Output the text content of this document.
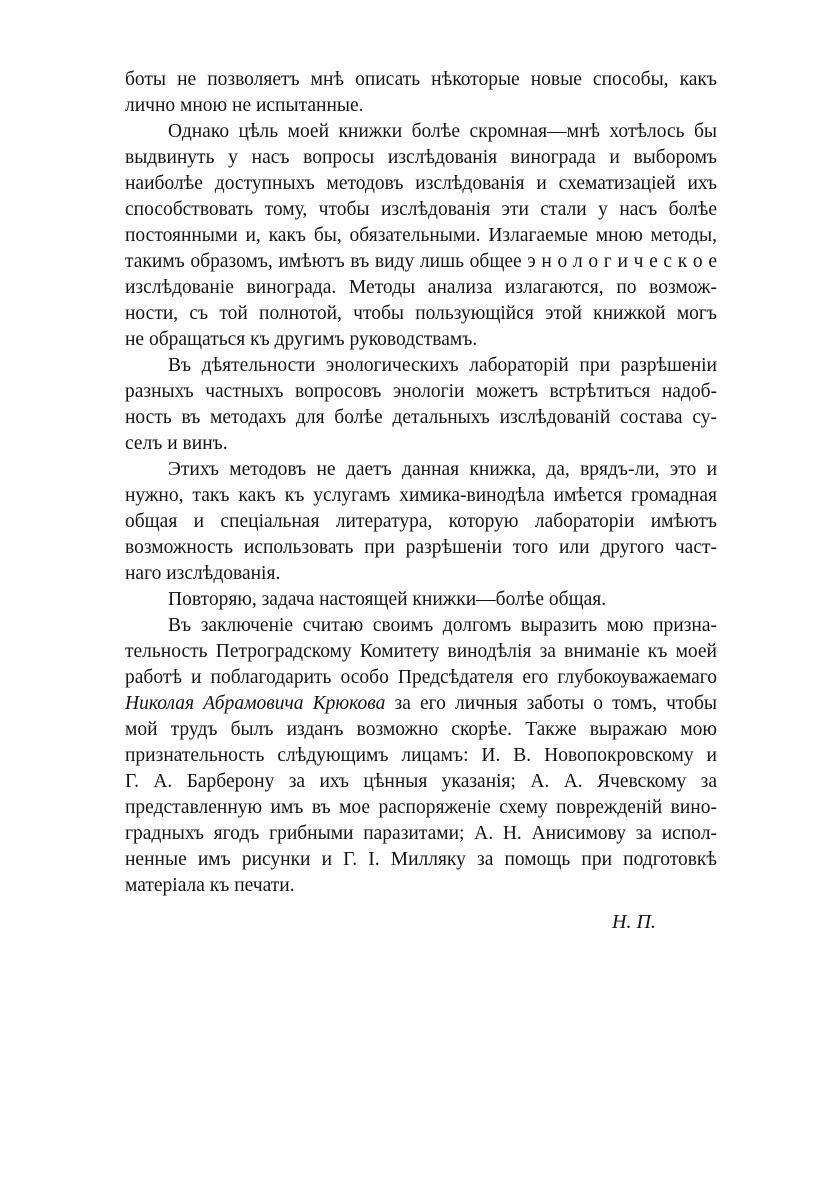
боты не позволяетъ мнѣ описать нѣкоторые новые способы, какъ
лично мною не испытанные.
Однако цѣль моей книжки болѣе скромная—мнѣ хотѣлось бы
выдвинуть у насъ вопросы изслѣдованія винограда и выборомъ
наиболѣе доступныхъ методовъ изслѣдованія и схематизаціей ихъ
способствовать тому, чтобы изслѣдованія эти стали у насъ болѣе
постоянными и, какъ бы, обязательными. Излагаемые мною методы,
такимъ образомъ, имѣютъ въ виду лишь общее э н о л о г и ч е с к о е
изслѣдованіе винограда. Методы анализа излагаются, по возмож-
ности, съ той полнотой, чтобы пользующійся этой книжкой могъ
не обращаться къ другимъ руководствамъ.
Въ дѣятельности энологическихъ лабораторій при разрѣшеніи
разныхъ частныхъ вопросовъ энологіи можетъ встрѣтиться надоб-
ность въ методахъ для болѣе детальныхъ изслѣдованій состава су-
селъ и винъ.
Этихъ методовъ не даетъ данная книжка, да, врядъ-ли, это и
нужно, такъ какъ къ услугамъ химика-винодѣла имѣется громадная
общая и спеціальная литература, которую лабораторіи имѣютъ
возможность использовать при разрѣшеніи того или другого част-
наго изслѣдованія.
Повторяю, задача настоящей книжки—болѣе общая.
Въ заключеніе считаю своимъ долгомъ выразить мою призна-
тельность Петроградскому Комитету винодѣлія за вниманіе къ моей
работѣ и поблагодарить особо Предсѣдателя его глубокоуважаемаго
Николая Абрамовича Крюкова за его личныя заботы о томъ, чтобы
мой трудъ былъ изданъ возможно скорѣе. Также выражаю мою
признательность слѣдующимъ лицамъ: И. В. Новопокровскому и
Г. А. Барберону за ихъ цѣнныя указанія; А. А. Ячевскому за
представленную имъ въ мое распоряженіе схему поврежденій вино-
градныхъ ягодъ грибными паразитами; А. Н. Анисимову за испол-
ненные имъ рисунки и Г. I. Милляку за помощь при подготовкѣ
матеріала къ печати.
Н. П.
